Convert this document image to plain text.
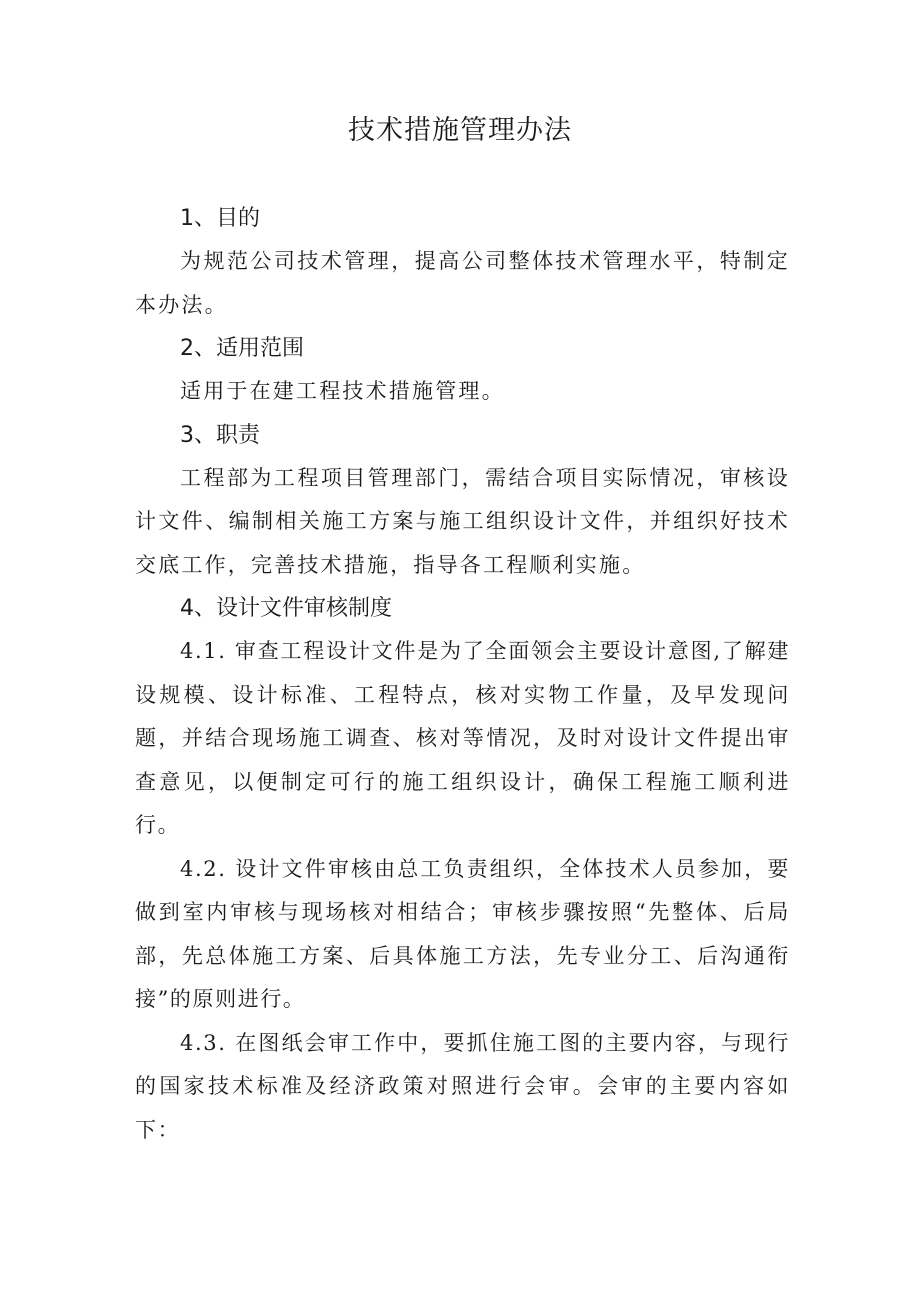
技术措施管理办法
1、目的

为规范公司技术管理，提高公司整体技术管理水平，特制定本办法。

2、适用范围

适用于在建工程技术措施管理。

3、职责

工程部为工程项目管理部门，需结合项目实际情况，审核设计文件、编制相关施工方案与施工组织设计文件，并组织好技术交底工作，完善技术措施，指导各工程顺利实施。

4、设计文件审核制度

4.1. 审查工程设计文件是为了全面领会主要设计意图,了解建设规模、设计标准、工程特点，核对实物工作量，及早发现问题，并结合现场施工调查、核对等情况，及时对设计文件提出审查意见，以便制定可行的施工组织设计，确保工程施工顺利进行。

4.2. 设计文件审核由总工负责组织，全体技术人员参加，要做到室内审核与现场核对相结合；审核步骤按照“先整体、后局部，先总体施工方案、后具体施工方法，先专业分工、后沟通衔接”的原则进行。

4.3. 在图纸会审工作中，要抓住施工图的主要内容，与现行的国家技术标准及经济政策对照进行会审。会审的主要内容如下：
